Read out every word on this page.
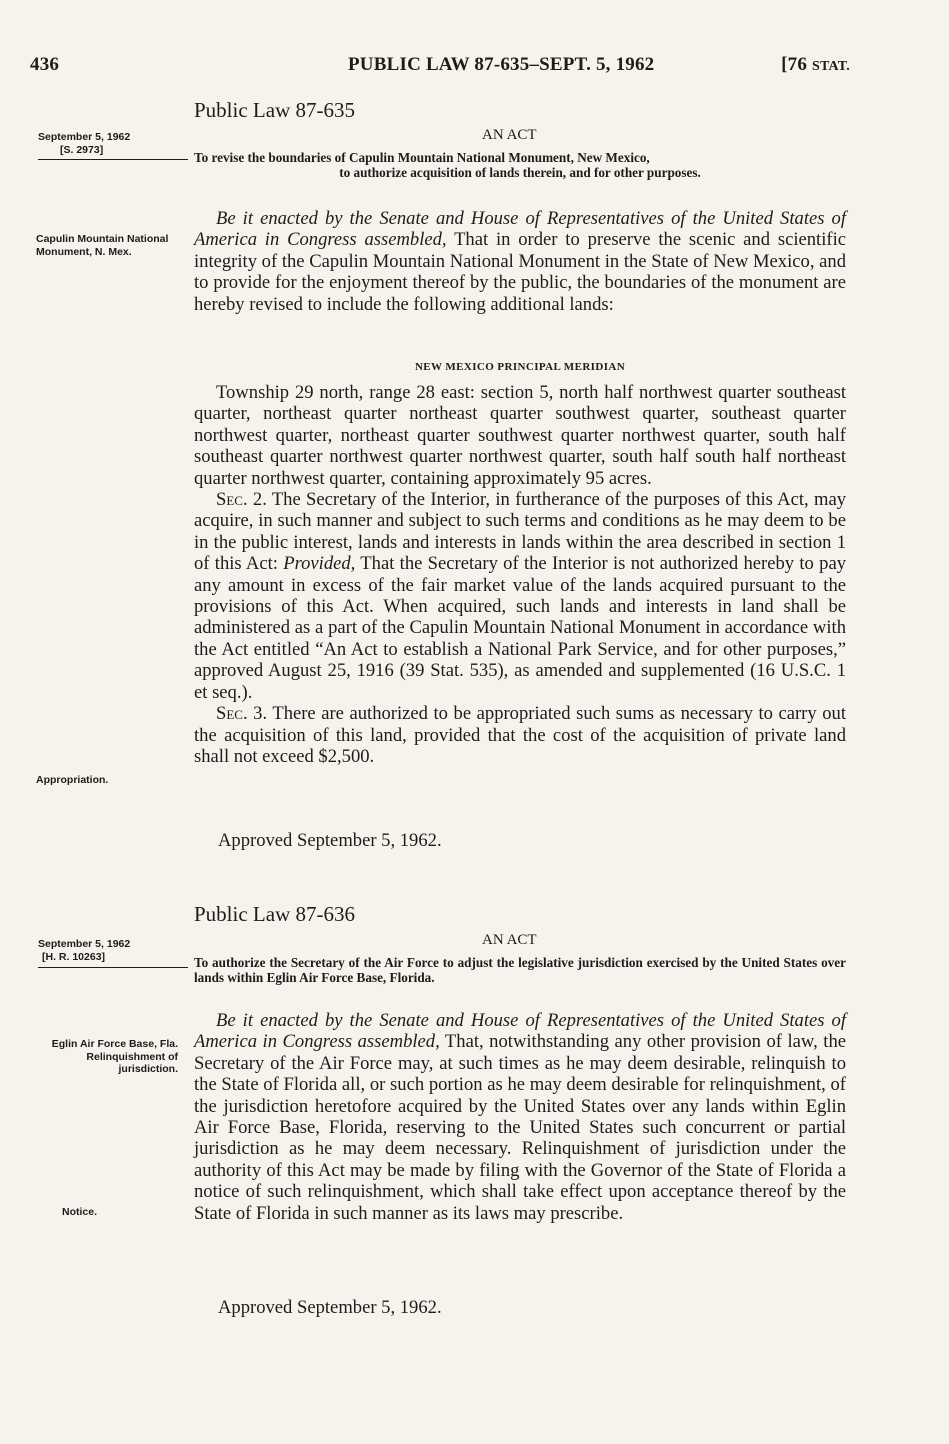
436	PUBLIC LAW 87-635–SEPT. 5, 1962	[76 STAT.
Public Law 87-635
September 5, 1962
[S. 2973]
AN ACT
To revise the boundaries of Capulin Mountain National Monument, New Mexico,
to authorize acquisition of lands therein, and for other purposes.
Capulin Mountain National Monument, N. Mex.

Be it enacted by the Senate and House of Representatives of the United States of America in Congress assembled, That in order to preserve the scenic and scientific integrity of the Capulin Mountain National Monument in the State of New Mexico, and to provide for the enjoyment thereof by the public, the boundaries of the monument are hereby revised to include the following additional lands:

NEW MEXICO PRINCIPAL MERIDIAN

Township 29 north, range 28 east: section 5, north half northwest quarter southeast quarter, northeast quarter northeast quarter southwest quarter, southeast quarter northwest quarter, northeast quarter southwest quarter northwest quarter, south half southeast quarter northwest quarter northwest quarter, south half south half northeast quarter northwest quarter, containing approximately 95 acres.

Sec. 2. The Secretary of the Interior, in furtherance of the purposes of this Act, may acquire, in such manner and subject to such terms and conditions as he may deem to be in the public interest, lands and interests in lands within the area described in section 1 of this Act: Provided, That the Secretary of the Interior is not authorized hereby to pay any amount in excess of the fair market value of the lands acquired pursuant to the provisions of this Act. When acquired, such lands and interests in land shall be administered as a part of the Capulin Mountain National Monument in accordance with the Act entitled “An Act to establish a National Park Service, and for other purposes,” approved August 25, 1916 (39 Stat. 535), as amended and supplemented (16 U.S.C. 1 et seq.).

Sec. 3. There are authorized to be appropriated such sums as necessary to carry out the acquisition of this land, provided that the cost of the acquisition of private land shall not exceed $2,500.

Appropriation.
Approved September 5, 1962.
Public Law 87-636
September 5, 1962
[H. R. 10263]
AN ACT
To authorize the Secretary of the Air Force to adjust the legislative jurisdiction exercised by the United States over lands within Eglin Air Force Base, Florida.
Eglin Air Force Base, Fla. Relinquishment of jurisdiction.

Be it enacted by the Senate and House of Representatives of the United States of America in Congress assembled, That, notwithstanding any other provision of law, the Secretary of the Air Force may, at such times as he may deem desirable, relinquish to the State of Florida all, or such portion as he may deem desirable for relinquishment, of the jurisdiction heretofore acquired by the United States over any lands within Eglin Air Force Base, Florida, reserving to the United States such concurrent or partial jurisdiction as he may deem necessary. Relinquishment of jurisdiction under the authority of this Act may be made by filing with the Governor of the State of Florida a notice of such relinquishment, which shall take effect upon acceptance thereof by the State of Florida in such manner as its laws may prescribe.

Notice.
Approved September 5, 1962.
